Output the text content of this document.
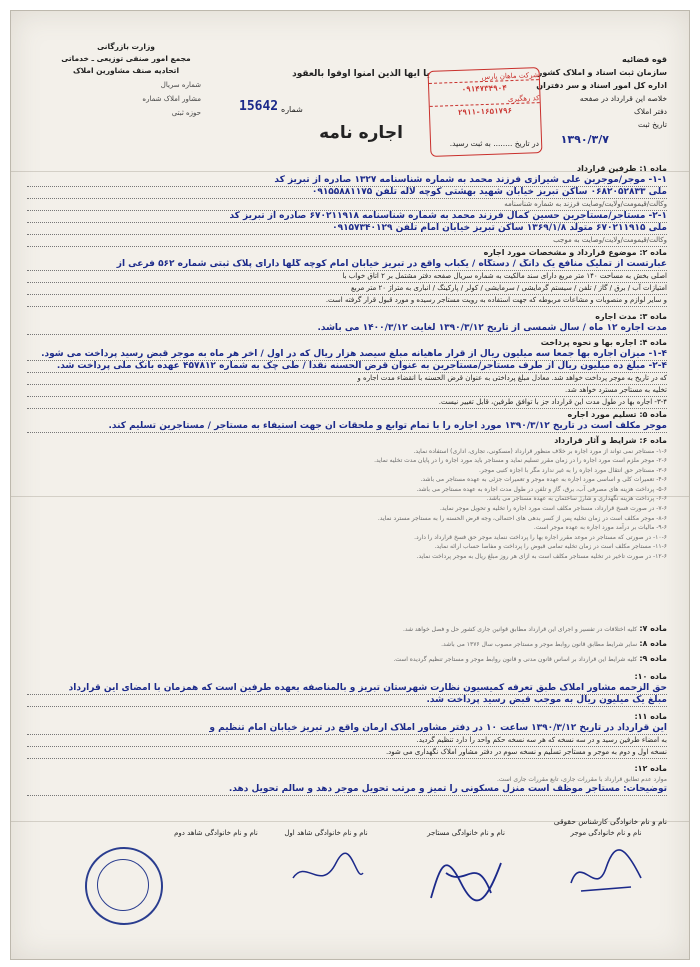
قوه قضائیه
سازمان ثبت اسناد و املاک کشور
اداره کل امور اسناد و سر دفتران
خلاصه این قرارداد در صفحه
دفتر املاک
تاریخ ثبت
وزارت بازرگانی
مجمع امور صنفی توزیعی ـ خدماتی
اتحادیه صنف مشاورین املاک
شماره سریال
مشاور املاک شماره
حوزه ثبتی
یا ایها الذین امنوا اوفوا بالعقود
15642 شماره
اجاره نامه
شرکت ماهان پارس
۰۹۱۴۷۳۴۹۰۴
کد رهگیری
۲۹۱۱-۱۶۵۱۷۹۶
۱۳۹۰/۳/۷
در تاریخ ........ به ثبت رسید.
ماده ۱: طرفین قرارداد
۱-۱- موجر/موجرین علی شیرازی فرزند محمد به شماره شناسنامه ۱۳۲۷ صادره از تبریز کد
ملی ۰۶۸۲۰۵۲۸۳۳ ساکن تبریز خیابان شهید بهشتی کوچه لاله تلفن ۰۹۱۵۵۸۸۱۱۷۵
وکالت/قیمومت/ولایت/وصایت فرزند به شماره شناسنامه
۲-۱- مستاجر/مستاجرین حسین کمال فرزند محمد به شماره شناسنامه ۶۷۰۲۱۱۹۱۸ صادره از تبریز کد
ملی ۶۷۰۲۱۱۹۱۵ متولد ۱۳۶۹/۱/۸ ساکن تبریز خیابان امام تلفن ۰۹۱۵۷۳۴۰۱۲۹
وکالت/قیمومت/ولایت/وصایت به موجب
ماده ۲: موضوع قرارداد و مشخصات مورد اجاره
عبارتست از تملیک منافع یک دانگ / دستگاه / یکباب واقع در تبریز خیابان امام کوچه گلها دارای پلاک ثبتی شماره ۵۶۲ فرعی از
اصلی بخش به مساحت ۱۴۰ متر مربع دارای سند مالکیت به شماره سریال صفحه دفتر مشتمل بر ۲ اتاق خواب با
امتیازات آب / برق / گاز / تلفن / سیستم گرمایشی / سرمایشی / کولر / پارکینگ / انباری به متراژ ۲۰ متر مربع
و سایر لوازم و منصوبات و مشاعات مربوطه که جهت استفاده به رویت مستاجر رسیده و مورد قبول قرار گرفته است.
ماده ۳: مدت اجاره
مدت اجاره ۱۲ ماه / سال شمسی از تاریخ ۱۳۹۰/۳/۱۲ لغایت ۱۴۰۰/۳/۱۲ می باشد.
ماده ۴: اجاره بها و نحوه پرداخت
۱-۴- میزان اجاره بها جمعاً سه میلیون ریال از قرار ماهیانه مبلغ سیصد هزار ریال که در اول / آخر هر ماه به موجر قبض رسید پرداخت می شود.
۲-۴- مبلغ ده میلیون ریال از طرف مستاجر/مستاجرین به عنوان قرض الحسنه نقداً / طی چک به شماره ۴۵۷۸۱۲ عهده بانک ملی پرداخت شد.
که در تاریخ به موجر پرداخت خواهد شد. معادل مبلغ پرداختی به عنوان قرض الحسنه با انقضاء مدت اجاره و
تخلیه به مستاجر مسترد خواهد شد.
۳-۴- اجاره بها در طول مدت این قرارداد جز با توافق طرفین، قابل تغییر نیست.
ماده ۵: تسلیم مورد اجاره
موجر مکلف است در تاریخ ۱۳۹۰/۳/۱۲ مورد اجاره را با تمام توابع و ملحقات آن جهت استیفاء به مستاجر / مستاجرین تسلیم کند.
ماده ۶: شرایط و آثار قرارداد
۱-۶- مستاجر نمی تواند از مورد اجاره بر خلاف منظور قرارداد (مسکونی، تجاری، اداری) استفاده نماید.
۲-۶- موجر ملزم است مورد اجاره را در زمان مقرر تسلیم نماید و مستاجر باید مورد اجاره را در پایان مدت تخلیه نماید.
۳-۶- مستاجر حق انتقال مورد اجاره را به غیر ندارد مگر با اجازه کتبی موجر.
۴-۶- تعمیرات کلی و اساسی مورد اجاره به عهده موجر و تعمیرات جزئی به عهده مستاجر می باشد.
۵-۶- پرداخت هزینه های مصرفی آب، برق، گاز و تلفن در طول مدت اجاره به عهده مستاجر می باشد.
۶-۶- پرداخت هزینه نگهداری و شارژ ساختمان به عهده مستاجر می باشد.
۷-۶- در صورت فسخ قرارداد، مستاجر مکلف است مورد اجاره را تخلیه و تحویل موجر نماید.
۸-۶- موجر مکلف است در زمان تخلیه پس از کسر بدهی های احتمالی، وجه قرض الحسنه را به مستاجر مسترد نماید.
۹-۶- مالیات بر درآمد مورد اجاره به عهده موجر است.
۱۰-۶- در صورتی که مستاجر در موعد مقرر اجاره بها را پرداخت ننماید موجر حق فسخ قرارداد را دارد.
۱۱-۶- مستاجر مکلف است در زمان تخلیه تمامی قبوض را پرداخت و مفاصا حساب ارائه نماید.
۱۲-۶- در صورت تاخیر در تخلیه مستاجر مکلف است به ازای هر روز مبلغ ریال به موجر پرداخت نماید.
ماده ۷: کلیه اختلافات در تفسیر و اجرای این قرارداد مطابق قوانین جاری کشور حل و فصل خواهد شد.
ماده ۸: سایر شرایط مطابق قانون روابط موجر و مستاجر مصوب سال ۱۳۷۶ می باشد.
ماده ۹: کلیه شرایط این قرارداد بر اساس قانون مدنی و قانون روابط موجر و مستاجر تنظیم گردیده است.
ماده ۱۰:
حق الزحمه مشاور املاک طبق تعرفه کمیسیون نظارت شهرستان تبریز و بالمناصفه بعهده طرفین است که همزمان با امضای این قرارداد
مبلغ یک میلیون ریال به موجب قبض رسید پرداخت شد.
ماده ۱۱:
این قرارداد در تاریخ ۱۳۹۰/۳/۱۲ ساعت ۱۰ در دفتر مشاور املاک آرمان واقع در تبریز خیابان امام تنظیم و
به امضاء طرفین رسید و در سه نسخه که هر سه نسخه حکم واحد را دارد تنظیم گردید.
نسخه اول و دوم به موجر و مستاجر تسلیم و نسخه سوم در دفتر مشاور املاک نگهداری می شود.
ماده ۱۲:
موارد عدم تطابق قرارداد با مقررات جاری، تابع مقررات جاری است.
توضیحات: مستاجر موظف است منزل مسکونی را تمیز و مرتب تحویل موجر دهد و سالم تحویل دهد.
نام و نام خانوادگی کارشناس حقوقی
نام و نام خانوادگی موجر
نام و نام خانوادگی مستاجر
نام و نام خانوادگی شاهد اول
نام و نام خانوادگی شاهد دوم
